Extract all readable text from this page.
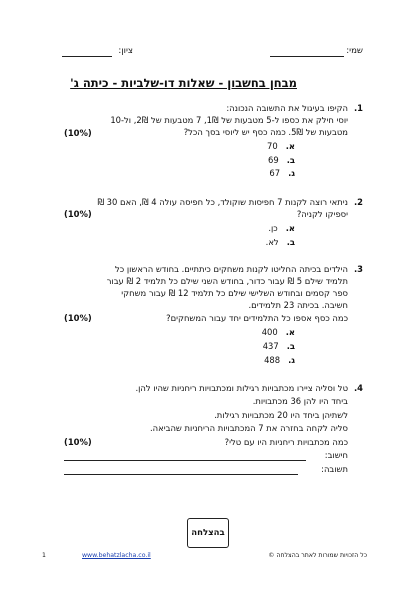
שמי:
ציון:
מבחן בחשבון - שאלות דו-שלביות - כיתה ג'
1.
הקיפו בעיגול את התשובה הנכונה:
יוסי חילק את כספו ל-5 מטבעות של 1₪, 7 מטבעות של 2₪, ול-10
מטבעות של 5₪. כמה כסף יש ליוסי בסך הכל?
(10%)
א.   70
ב.   69
ג.   67
2.
ניתאי רוצה לקנות 7 חפיסות שוקולד, כל חפיסה עולה 4 ₪, האם 30 ₪
יספיקו לקניה?
(10%)
א.   כן.
ב.   לא.
3.
הילדים בכיתה החליטו לקנות משחקים כיתתיים. בחודש הראשון כל
תלמיד שילם 5 ₪ עבור כדור, בחודש השני שילם כל תלמיד 2 ₪ עבור
ספר קסמים ובחודש השלישי שילם כל תלמיד 12 ₪ עבור משחקי
חשיבה. בכיתה 23 תלמידים.
כמה כסף אספו כל התלמידים יחד עבור המשחקים?
(10%)
א.   400
ב.   437
ג.   488
4.
טל וסליה ציירו מכתבויות רגילות ומכתבויות ריחניות שהיו להן.
ביחד היו להן 36 מכתבויות.
לשתיהן ביחד היו 20 מכתבויות רגילות.
סליה לקחה בחזרה את 7 המכתבויות הריחניות שהביאה.
כמה מכתבויות ריחניות היו עם טלי?
(10%)
חישוב:
תשובה:
בהצלחה
1	www.behatzlacha.co.il	כל הזכויות שמורות לאתר בהצלחה ©
